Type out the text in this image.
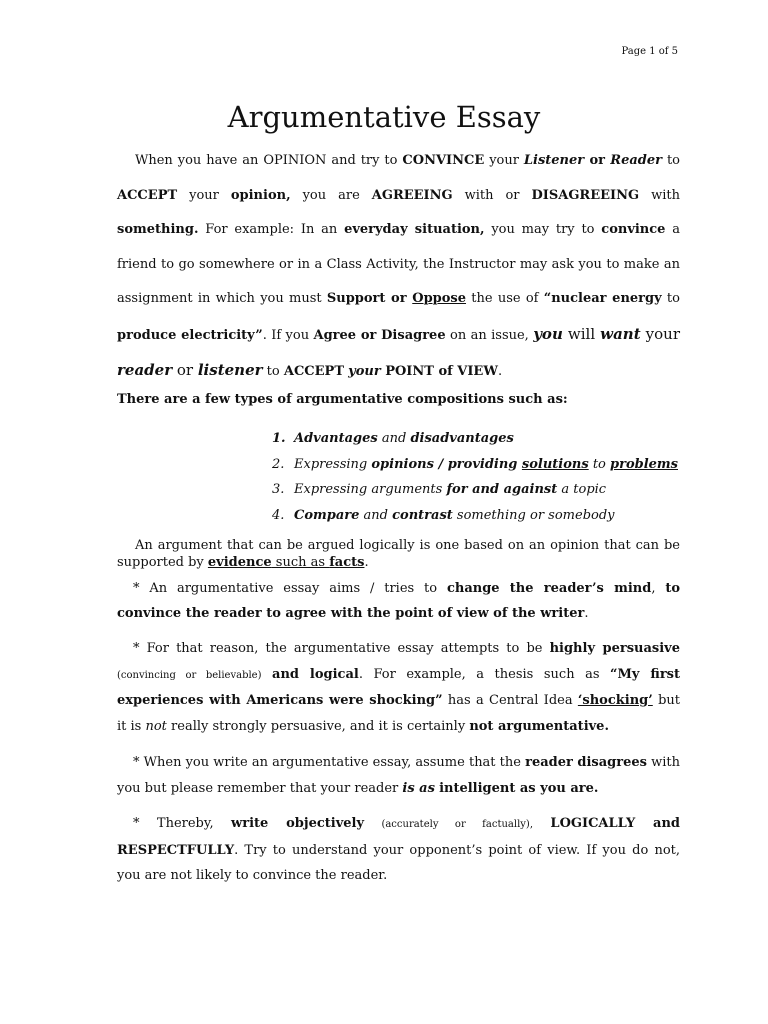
Page 1 of 5
Argumentative Essay

When you have an OPINION and try to CONVINCE your Listener or Reader to ACCEPT your opinion, you are AGREEING with or DISAGREEING with something. For example: In an everyday situation, you may try to convince a friend to go somewhere or in a Class Activity, the Instructor may ask you to make an assignment in which you must Support or Oppose the use of “nuclear energy to produce electricity”. If you Agree or Disagree on an issue, you will want your reader or listener to ACCEPT your POINT of VIEW.

There are a few types of argumentative compositions such as:

1. Advantages and disadvantages
2. Expressing opinions / providing solutions to problems
3. Expressing arguments for and against a topic
4. Compare and contrast something or somebody

An argument that can be argued logically is one based on an opinion that can be supported by evidence such as facts.

* An argumentative essay aims / tries to change the reader’s mind, to convince the reader to agree with the point of view of the writer.

* For that reason, the argumentative essay attempts to be highly persuasive (convincing or believable) and logical. For example, a thesis such as “My first experiences with Americans were shocking” has a Central Idea ‘shocking’ but it is not really strongly persuasive, and it is certainly not argumentative.

* When you write an argumentative essay, assume that the reader disagrees with you but please remember that your reader is as intelligent as you are.

* Thereby, write objectively (accurately or factually), LOGICALLY and RESPECTFULLY. Try to understand your opponent’s point of view. If you do not, you are not likely to convince the reader.
